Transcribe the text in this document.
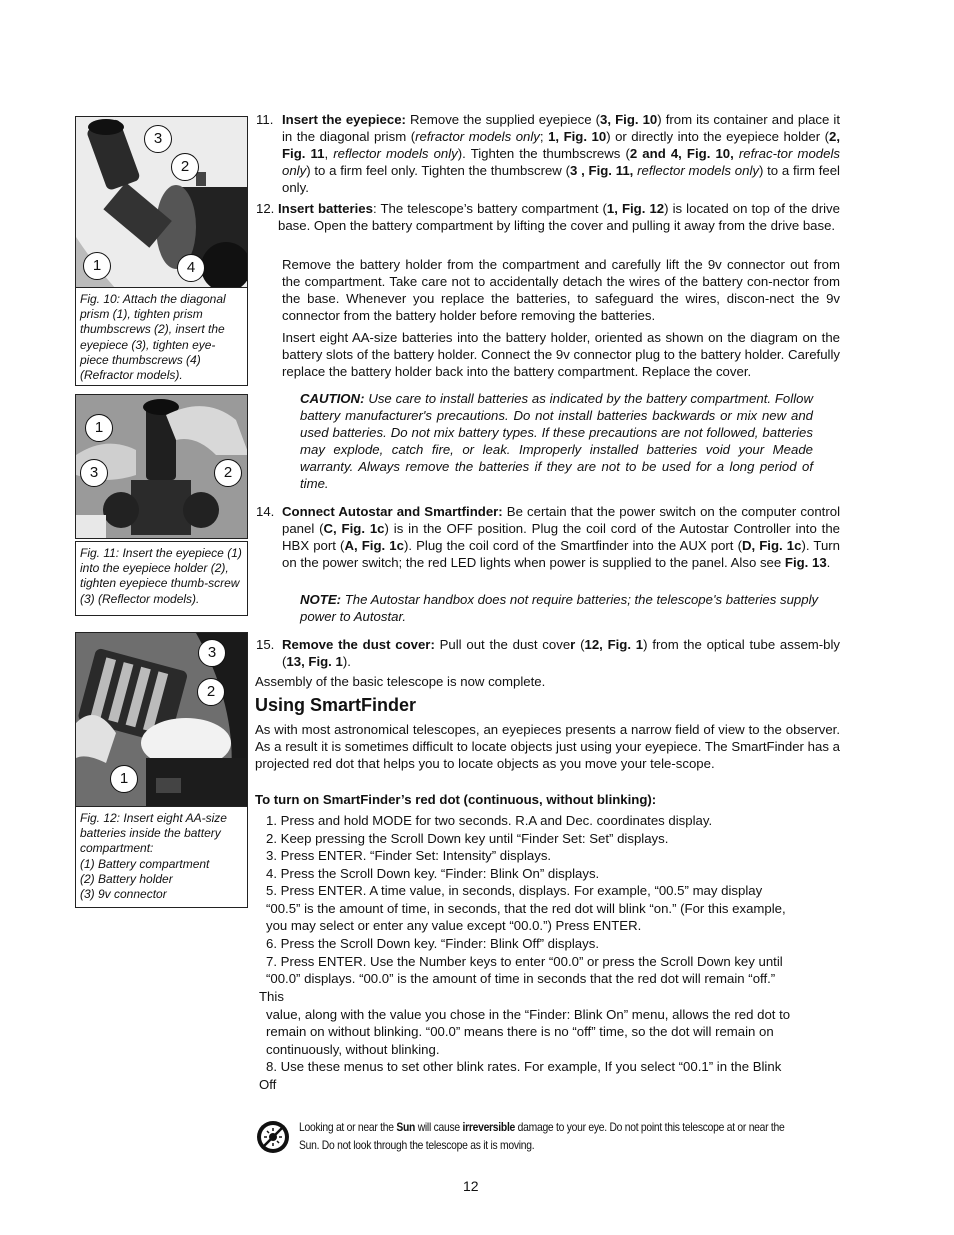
3
2
1	4
Fig. 10: Attach the diagonal prism (1), tighten prism thumbscrews (2), insert the eyepiece (3), tighten eye-piece thumbscrews (4) (Refractor models).
1
3	2
Fig. 11: Insert the eyepiece (1) into the eyepiece holder (2), tighten eyepiece thumb-screw (3) (Reflector models).
3
2
1
Fig. 12: Insert eight AA-size
batteries inside the battery
compartment:
(1) Battery compartment
(2) Battery holder
(3) 9v connector
11. Insert the eyepiece: Remove the supplied eyepiece (3, Fig. 10) from its container and place it in the diagonal prism (refractor models only; 1, Fig. 10) or directly into the eyepiece holder (2, Fig. 11, reflector models only). Tighten the thumbscrews (2 and 4, Fig. 10, refrac-tor models only) to a firm feel only. Tighten the thumbscrew (3 , Fig. 11, reflector models only) to a firm feel only.
12. Insert batteries: The telescope’s battery compartment (1, Fig. 12) is located on top of the drive base. Open the battery compartment by lifting the cover and pulling it away from the drive base.
Remove the battery holder from the compartment and carefully lift the 9v connector out from the compartment. Take care not to accidentally detach the wires of the battery con-nector from the base. Whenever you replace the batteries, to safeguard the wires, discon-nect the 9v connector from the battery holder before removing the batteries.
Insert eight AA-size batteries into the battery holder, oriented as shown on the diagram on the battery slots of the battery holder. Connect the 9v connector plug to the battery holder. Carefully replace the battery holder back into the battery compartment. Replace the cover.
CAUTION: Use care to install batteries as indicated by the battery compartment. Follow battery manufacturer's precautions. Do not install batteries backwards or mix new and used batteries. Do not mix battery types. If these precautions are not followed, batteries may explode, catch fire, or leak. Improperly installed batteries void your Meade warranty. Always remove the batteries if they are not to be used for a long period of time.
14. Connect Autostar and Smartfinder: Be certain that the power switch on the computer control panel (C, Fig. 1c) is in the OFF position. Plug the coil cord of the Autostar Controller into the HBX port (A, Fig. 1c). Plug the coil cord of the Smartfinder into the AUX port (D, Fig. 1c). Turn on the power switch; the red LED lights when power is supplied to the panel. Also see Fig. 13.
NOTE: The Autostar handbox does not require batteries; the telescope's batteries supply power to Autostar.
15. Remove the dust cover: Pull out the dust cover (12, Fig. 1) from the optical tube assem-bly (13, Fig. 1).
Assembly of the basic telescope is now complete.
Using SmartFinder
As with most astronomical telescopes, an eyepieces presents a narrow field of view to the observer. As a result it is sometimes difficult to locate objects just using your eyepiece. The SmartFinder has a projected red dot that helps you to locate objects as you move your tele-scope.
To turn on SmartFinder’s red dot (continuous, without blinking):
1. Press and hold MODE for two seconds. R.A and Dec. coordinates display.
2. Keep pressing the Scroll Down key until “Finder Set: Set” displays.
3. Press ENTER. “Finder Set: Intensity” displays.
4. Press the Scroll Down key. “Finder: Blink On” displays.
5. Press ENTER. A time value, in seconds, displays. For example, “00.5” may display
“00.5” is the amount of time, in seconds, that the red dot will blink “on.” (For this example,
you may select or enter any value except “00.0.”) Press ENTER.
6. Press the Scroll Down key. “Finder: Blink Off” displays.
7. Press ENTER. Use the Number keys to enter “00.0” or press the Scroll Down key until
“00.0” displays. “00.0” is the amount of time in seconds that the red dot will remain “off.”
This
value, along with the value you chose in the “Finder: Blink On” menu, allows the red dot to
remain on without blinking. “00.0” means there is no “off” time, so the dot will remain on
continuously, without blinking.
8. Use these menus to set other blink rates. For example, If you select “00.1” in the Blink
Off
Looking at or near the Sun will cause irreversible damage to your eye. Do not point this telescope at or near the
Sun. Do not look through the telescope as it is moving.
12
